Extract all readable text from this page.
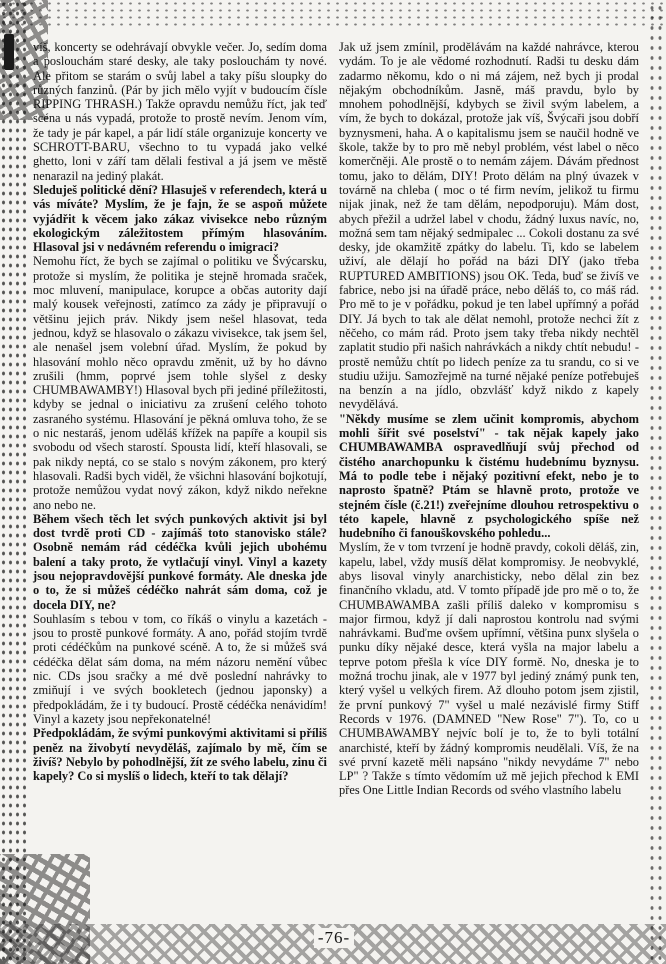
víš, koncerty se odehrávají obvykle večer. Jo, sedím doma a poslouchám staré desky, ale taky poslouchám ty nové. Ale přitom se starám o svůj label a taky píšu sloupky do různých fanzinů. (Pár by jich mělo vyjít v budoucím čísle RIPPING THRASH.) Takže opravdu nemůžu říct, jak teď scéna u nás vypadá, protože to prostě nevím. Jenom vím, že tady je pár kapel, a pár lidí stále organizuje koncerty ve SCHROTT-BARU, všechno to tu vypadá jako velké ghetto, loni v září tam dělali festival a já jsem ve městě nenarazil na jediný plakát.

Sleduješ politické dění? Hlasuješ v referendech, která u vás míváte? Myslím, že je fajn, že se aspoň můžete vyjádřit k věcem jako zákaz vivisekce nebo různým ekologickým záležitostem přímým hlasováním. Hlasoval jsi v nedávném referendu o imigraci?

Nemohu říct, že bych se zajímal o politiku ve Švýcarsku, protože si myslím, že politika je stejně hromada sraček, moc mluvení, manipulace, korupce a občas autority dají malý kousek veřejnosti, zatímco za zády je připravují o většinu jejich práv. Nikdy jsem nešel hlasovat, teda jednou, když se hlasovalo o zákazu vivisekce, tak jsem šel, ale nenašel jsem volební úřad. Myslím, že pokud by hlasování mohlo něco opravdu změnit, už by ho dávno zrušili (hmm, poprvé jsem tohle slyšel z desky CHUMBAWAMBY!) Hlasoval bych při jediné příležitosti, kdyby se jednal o iniciativu za zrušení celého tohoto zasraného systému. Hlasování je pěkná omluva toho, že se o nic nestaráš, jenom uděláš křížek na papíře a koupil sis svobodu od všech starostí. Spousta lidí, kteří hlasovali, se pak nikdy neptá, co se stalo s novým zákonem, pro který hlasovali. Radši bych viděl, že všichni hlasování bojkotují, protože nemůžou vydat nový zákon, když nikdo neřekne ano nebo ne.

Během všech těch let svých punkových aktivit jsi byl dost tvrdě proti CD - zajímáš toto stanovisko stále? Osobně nemám rád cédéčka kvůli jejich ubohému balení a taky proto, že vytlačují vinyl. Vinyl a kazety jsou nejopravdovější punkové formáty. Ale dneska jde o to, že si můžeš cédéčko nahrát sám doma, což je docela DIY, ne?

Souhlasím s tebou v tom, co říkáš o vinylu a kazetách - jsou to prostě punkové formáty. A ano, pořád stojím tvrdě proti cédéčkům na punkové scéně. A to, že si můžeš svá cédéčka dělat sám doma, na mém názoru nemění vůbec nic. CDs jsou sračky a mé dvě poslední nahrávky to zmiňují i ve svých bookletech (jednou japonsky) a předpokládám, že i ty budoucí. Prostě cédéčka nenávidím! Vinyl a kazety jsou nepřekonatelné!

Předpokládám, že svými punkovými aktivitami si příliš peněz na živobytí nevyděláš, zajímalo by mě, čím se živíš? Nebylo by pohodlnější, žít ze svého labelu, zinu či kapely? Co si myslíš o lidech, kteří to tak dělají?

Jak už jsem zmínil, prodělávám na každé nahrávce, kterou vydám. To je ale vědomé rozhodnutí. Radši tu desku dám zadarmo někomu, kdo o ni má zájem, než bych ji prodal nějakým obchodníkům. Jasně, máš pravdu, bylo by mnohem pohodlnější, kdybych se živil svým labelem, a vím, že bych to dokázal, protože jak víš, Švýcaři jsou dobří byznysmeni, haha. A o kapitalismu jsem se naučil hodně ve škole, takže by to pro mě nebyl problém, vést label o něco komerčněji. Ale prostě o to nemám zájem. Dávám přednost tomu, jako to dělám, DIY! Proto dělám na plný úvazek v továrně na chleba ( moc o té firm nevím, jelikož tu firmu nijak jinak, než že tam dělám, nepodporuju). Mám dost, abych přežil a udržel label v chodu, žádný luxus navíc, no, možná sem tam nějaký sedmipalec ... Cokoli dostanu za své desky, jde okamžitě zpátky do labelu. Ti, kdo se labelem uživí, ale dělají ho pořád na bázi DIY (jako třeba RUPTURED AMBITIONS) jsou OK. Teda, buď se živíš ve fabrice, nebo jsi na úřadě práce, nebo děláš to, co máš rád. Pro mě to je v pořádku, pokud je ten label upřímný a pořád DIY. Já bych to tak ale dělat nemohl, protože nechci žít z něčeho, co mám rád. Proto jsem taky třeba nikdy nechtěl zaplatit studio při našich nahrávkách a nikdy chtít nebudu! - prostě nemůžu chtít po lidech peníze za tu srandu, co si ve studiu užiju. Samozřejmě na turné nějaké peníze potřebuješ na benzín a na jídlo, obzvlášť když nikdo z kapely nevydělává.

"Někdy musíme se zlem učinit kompromis, abychom mohli šířit své poselství" - tak nějak kapely jako CHUMBAWAMBA ospravedlňují svůj přechod od čistého anarchopunku k čistému hudebnímu byznysu. Má to podle tebe i nějaký pozitivní efekt, nebo je to naprosto špatně? Ptám se hlavně proto, protože ve stejném čísle (č.21!) zveřejníme dlouhou retrospektivu o této kapele, hlavně z psychologického spíše než hudebního či fanouškovského pohledu...

Myslím, že v tom tvrzení je hodně pravdy, cokoli děláš, zin, kapelu, label, vždy musíš dělat kompromisy. Je neobvyklé, abys lisoval vinyly anarchisticky, nebo dělal zin bez finančního vkladu, atd. V tomto případě jde pro mě o to, že CHUMBAWAMBA zašli příliš daleko v kompromisu s major firmou, když jí dali naprostou kontrolu nad svými nahrávkami. Buďme ovšem upřímní, většina punx slyšela o punku díky nějaké desce, která vyšla na major labelu a teprve potom přešla k více DIY formě. No, dneska je to možná trochu jinak, ale v 1977 byl jediný známý punk ten, který vyšel u velkých firem. Až dlouho potom jsem zjistil, že první punkový 7" vyšel u malé nezávislé firmy Stiff Records v 1976. (DAMNED "New Rose" 7"). To, co u CHUMBAWAMBY nejvíc bolí je to, že to byli totální anarchisté, kteří by žádný kompromis neudělali. Víš, že na své první kazetě měli napsáno "nikdy nevydáme 7" nebo LP" ? Takže s tímto vědomím už mě jejich přechod k EMI přes One Little Indian Records od svého vlastního labelu

-76-
